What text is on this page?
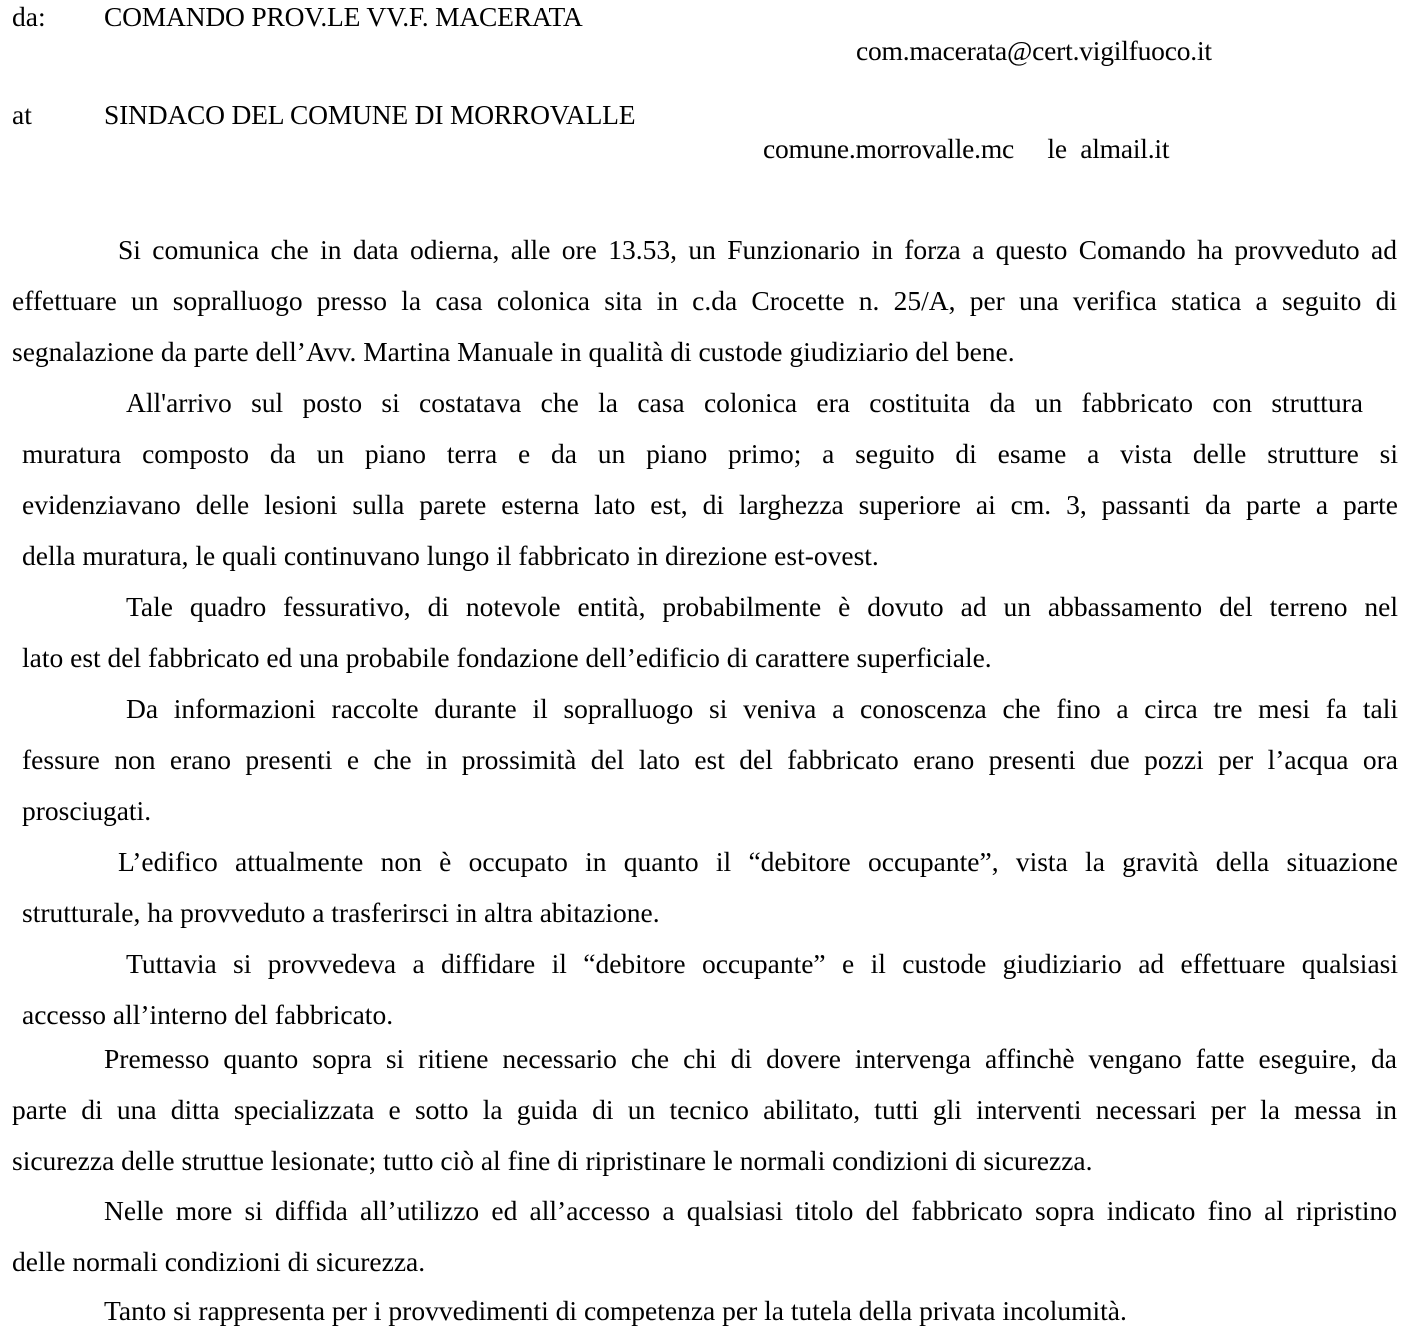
da: COMANDO PROV.LE VV.F. MACERATA
com.macerata@cert.vigilfuoco.it
at	SINDACO DEL COMUNE DI MORROVALLE
comune.morrovalle.mc     le  almail.it
Si comunica che in data odierna, alle ore 13.53, un Funzionario in forza a questo Comando ha provveduto ad
effettuare un sopralluogo presso la casa colonica sita in c.da Crocette n. 25/A, per una verifica statica a seguito di
segnalazione da parte dell’Avv. Martina Manuale in qualità di custode giudiziario del bene.
All'arrivo sul posto si costatava che la casa colonica era costituita da un fabbricato con struttura
muratura composto da un piano terra e da un piano primo; a seguito di esame a vista delle strutture si
evidenziavano delle lesioni sulla parete esterna lato est, di larghezza superiore ai cm. 3, passanti da parte a parte
della muratura, le quali continuvano lungo il fabbricato in direzione est-ovest.
Tale quadro fessurativo, di notevole entità, probabilmente è dovuto ad un abbassamento del terreno nel
lato est del fabbricato ed una probabile fondazione dell’edificio di carattere superficiale.
Da informazioni raccolte durante il sopralluogo si veniva a conoscenza che fino a circa tre mesi fa tali
fessure non erano presenti e che in prossimità del lato est del fabbricato erano presenti due pozzi per l’acqua ora
prosciugati.
L’edifico attualmente non è occupato in quanto il “debitore occupante”, vista la gravità della situazione
strutturale, ha provveduto a trasferirsci in altra abitazione.
Tuttavia si provvedeva a diffidare il “debitore occupante” e il custode giudiziario ad effettuare qualsiasi
accesso all’interno del fabbricato.
Premesso quanto sopra si ritiene necessario che chi di dovere intervenga affinchè vengano fatte eseguire, da
parte di una ditta specializzata e sotto la guida di un tecnico abilitato, tutti gli interventi necessari per la messa in
sicurezza delle struttue lesionate; tutto ciò al fine di ripristinare le normali condizioni di sicurezza.
Nelle more si diffida all’utilizzo ed all’accesso a qualsiasi titolo del fabbricato sopra indicato fino al ripristino
delle normali condizioni di sicurezza.
Tanto si rappresenta per i provvedimenti di competenza per la tutela della privata incolumità.
